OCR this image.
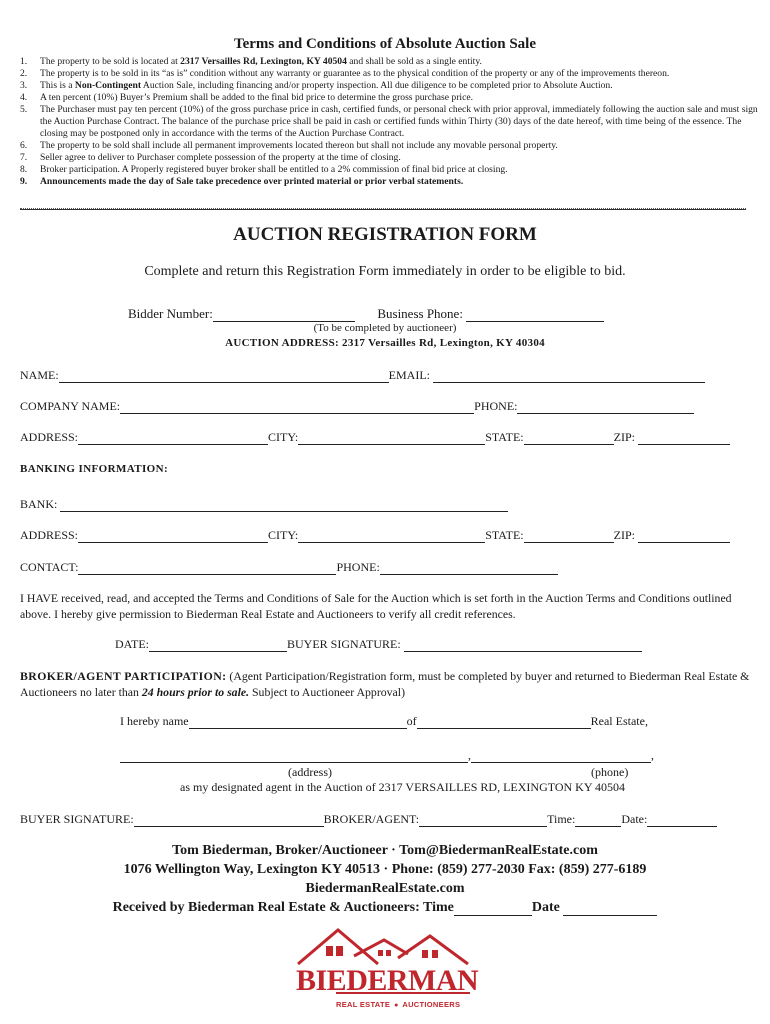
Terms and Conditions of Absolute Auction Sale
1.	The property to be sold is located at 2317 Versailles Rd, Lexington, KY 40504 and shall be sold as a single entity.
2.	The property is to be sold in its “as is” condition without any warranty or guarantee as to the physical condition of the property or any of the improvements thereon.
3.	This is a Non-Contingent Auction Sale, including financing and/or property inspection. All due diligence to be completed prior to Absolute Auction.
4.	A ten percent (10%) Buyer’s Premium shall be added to the final bid price to determine the gross purchase price.
5.	The Purchaser must pay ten percent (10%) of the gross purchase price in cash, certified funds, or personal check with prior approval, immediately following the auction sale and must sign the Auction Purchase Contract. The balance of the purchase price shall be paid in cash or certified funds within Thirty (30) days of the date hereof, with time being of the essence. The closing may be postponed only in accordance with the terms of the Auction Purchase Contract.
6.	The property to be sold shall include all permanent improvements located thereon but shall not include any movable personal property.
7.	Seller agree to deliver to Purchaser complete possession of the property at the time of closing.
8.	Broker participation. A Properly registered buyer broker shall be entitled to a 2% commission of final bid price at closing.
9.	Announcements made the day of Sale take precedence over printed material or prior verbal statements.
AUCTION REGISTRATION FORM
Complete and return this Registration Form immediately in order to be eligible to bid.
Bidder Number:	Business Phone:
(To be completed by auctioneer)
AUCTION ADDRESS: 2317 Versailles Rd, Lexington, KY 40304
NAME:	EMAIL:
COMPANY NAME:	PHONE:
ADDRESS:	CITY:	STATE:	ZIP:
BANKING INFORMATION:
BANK:
ADDRESS:	CITY:	STATE:	ZIP:
CONTACT:	PHONE:
I HAVE received, read, and accepted the Terms and Conditions of Sale for the Auction which is set forth in the Auction Terms and Conditions outlined above. I hereby give permission to Biederman Real Estate and Auctioneers to verify all credit references.
DATE:	BUYER SIGNATURE:
BROKER/AGENT PARTICIPATION: (Agent Participation/Registration form, must be completed by buyer and returned to Biederman Real Estate & Auctioneers no later than 24 hours prior to sale. Subject to Auctioneer Approval)
I hereby name	of	Real Estate,
,	,
(address)	(phone)
as my designated agent in the Auction of 2317 VERSAILLES RD, LEXINGTON KY 40504
BUYER SIGNATURE:	BROKER/AGENT:	Time:	Date:
Tom Biederman, Broker/Auctioneer · Tom@BiedermanRealEstate.com
1076 Wellington Way, Lexington KY 40513 · Phone: (859) 277-2030 Fax: (859) 277-6189
BiedermanRealEstate.com
Received by Biederman Real Estate & Auctioneers: Time	Date
BIEDERMAN
REAL ESTATE ● AUCTIONEERS
